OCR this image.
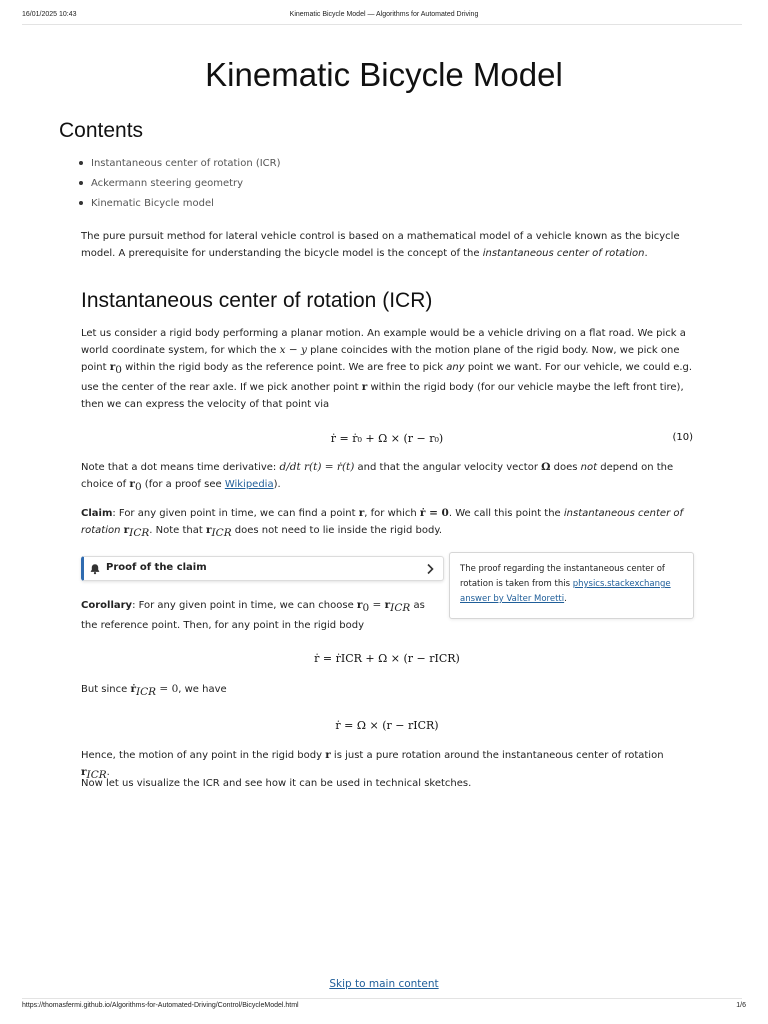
16/01/2025 10:43	Kinematic Bicycle Model — Algorithms for Automated Driving
Kinematic Bicycle Model
Contents
Instantaneous center of rotation (ICR)
Ackermann steering geometry
Kinematic Bicycle model

The pure pursuit method for lateral vehicle control is based on a mathematical model of a vehicle known as the bicycle model. A prerequisite for understanding the bicycle model is the concept of the instantaneous center of rotation.

Instantaneous center of rotation (ICR)

Let us consider a rigid body performing a planar motion. An example would be a vehicle driving on a flat road. We pick a world coordinate system, for which the x − y plane coincides with the motion plane of the rigid body. Now, we pick one point $r_0$ within the rigid body as the reference point. We are free to pick any point we want. For our vehicle, we could e.g. use the center of the rear axle. If we pick another point r within the rigid body (for our vehicle maybe the left front tire), then we can express the velocity of that point via

ṙ = ṙ₀ + Ω × (r − r₀)	(10)

Note that a dot means time derivative: d/dt r(t) = ṙ(t) and that the angular velocity vector Ω does not depend on the choice of $r_0$ (for a proof see Wikipedia).

Claim: For any given point in time, we can find a point r, for which ṙ = 0. We call this point the instantaneous center of rotation $r_{ICR}$. Note that $r_{ICR}$ does not need to lie inside the rigid body.

Proof of the claim	The proof regarding the instantaneous center of rotation is taken from this physics.stackexchange answer by Valter Moretti.

Corollary: For any given point in time, we can choose $r_0 = r_{ICR}$ as the reference point. Then, for any point in the rigid body

ṙ = ṙICR + Ω × (r − rICR)

But since ṙ$_{ICR}$ = 0, we have

ṙ = Ω × (r − rICR)

Hence, the motion of any point in the rigid body r is just a pure rotation around the instantaneous center of rotation $r_{ICR}$.

Now let us visualize the ICR and see how it can be used in technical sketches.

Skip to main content
https://thomasfermi.github.io/Algorithms-for-Automated-Driving/Control/BicycleModel.html	1/6
